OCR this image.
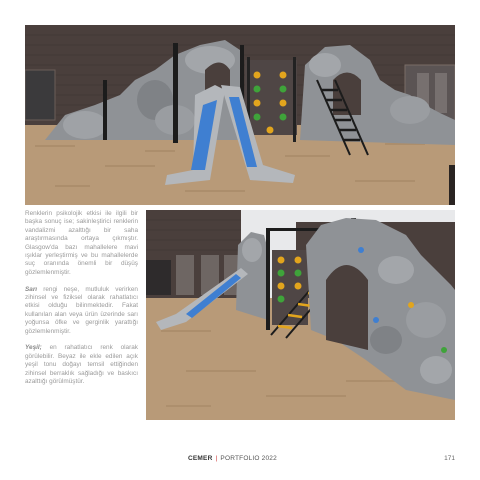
Renklerin psikolojik etkisi ile ilgili bir başka sonuç ise; sakinleştirici renklerin vandalizmi azalttığı bir saha araştırmasında ortaya çıkmıştır. Glasgow'da bazı mahallelere mavi ışıklar yerleştirmiş ve bu mahallelerde suç oranında önemli bir düşüş gözlemlenmiştir.

Sarı rengi neşe, mutluluk verirken zihinsel ve fiziksel olarak rahatlatıcı etkisi olduğu bilinmektedir. Fakat kullanılan alan veya ürün üzerinde sarı yoğunsa öfke ve gerginlik yarattığı gözlemlenmiştir.

Yeşil; en rahatlatıcı renk olarak görülebilir. Beyaz ile ekle edilen açık yeşil tonu doğayı temsil ettiğinden zihinsel berraklık sağladığı ve baskıcı azalttığı görülmüştür.

CEMER | PORTFOLIO 2022	171
